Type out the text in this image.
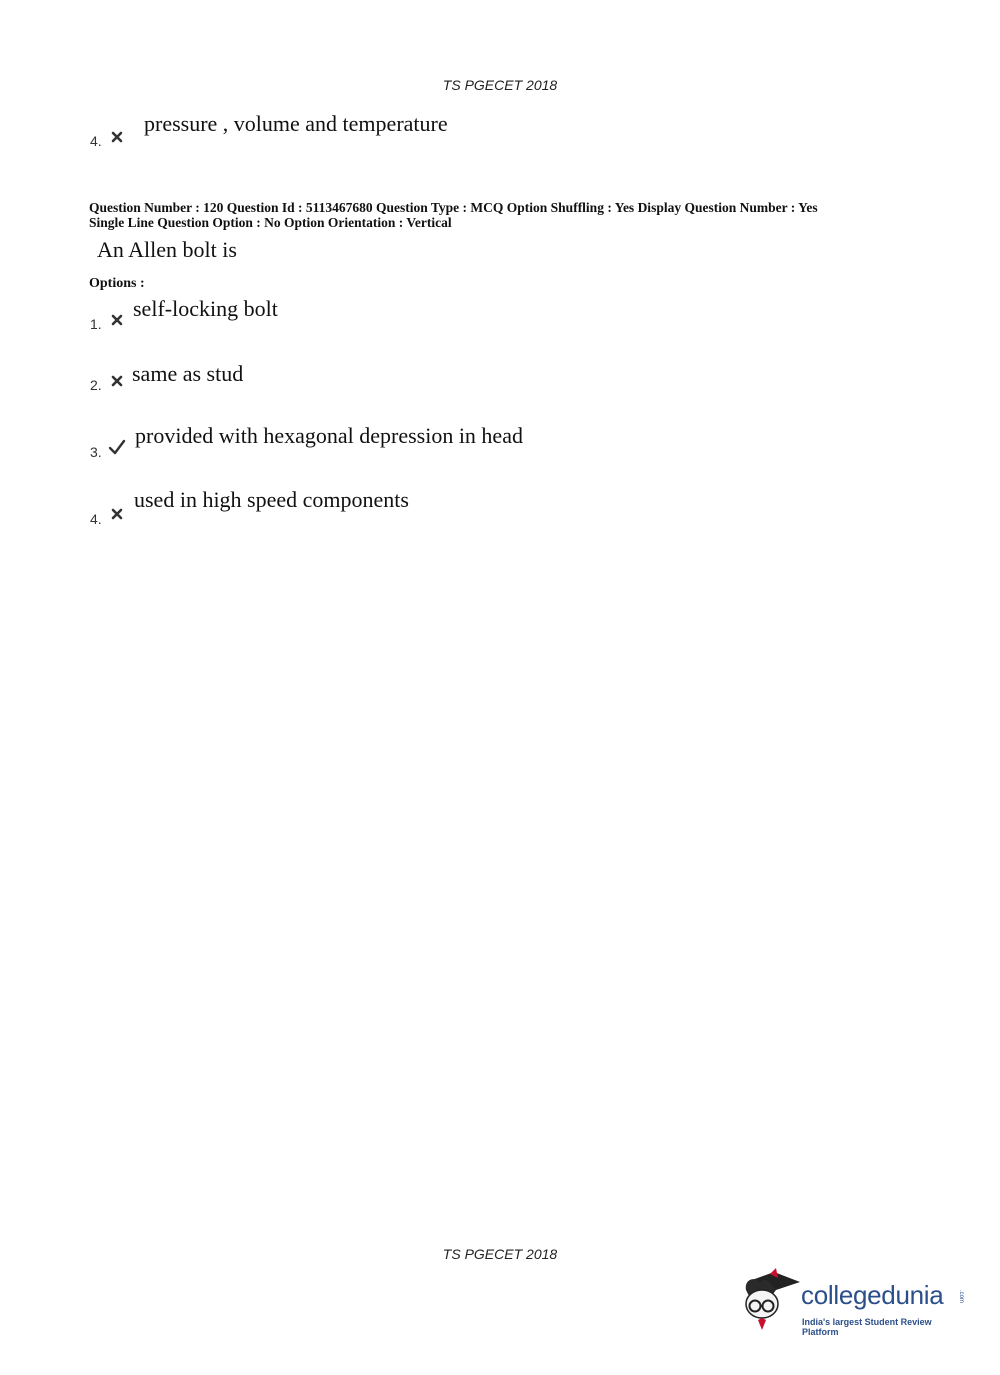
TS PGECET 2018
4.
pressure , volume and temperature
Question Number : 120 Question Id : 5113467680 Question Type : MCQ Option Shuffling : Yes Display Question Number : Yes
Single Line Question Option : No Option Orientation : Vertical
An Allen bolt is
Options :
1.
self-locking bolt
2. same as stud
3.
provided with hexagonal depression in head
4.
used in high speed components
TS PGECET 2018
collegedunia .com
India's largest Student Review Platform
